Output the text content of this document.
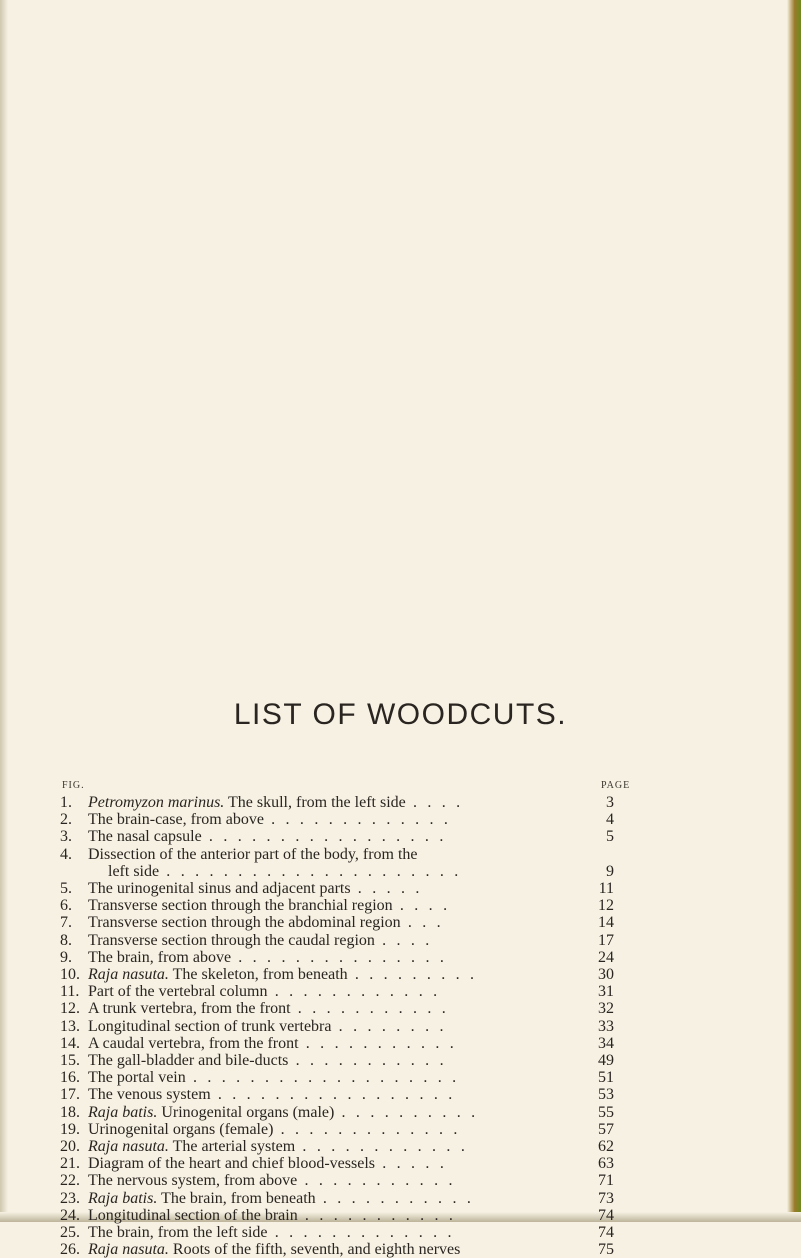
LIST OF WOODCUTS.
FIG.	PAGE
1.	Petromyzon marinus. The skull, from the left side . . . .	3
2.	The brain-case, from above . . . . . . . . . . . . .	4
3.	The nasal capsule . . . . . . . . . . . . . . . . .	5
4.	Dissection of the anterior part of the body, from the
left side . . . . . . . . . . . . . . . . . . . . .	9
5.	The urinogenital sinus and adjacent parts . . . . .	11
6.	Transverse section through the branchial region . . . .	12
7.	Transverse section through the abdominal region . . .	14
8.	Transverse section through the caudal region . . . .	17
9.	The brain, from above . . . . . . . . . . . . . . .	24
10. Raja nasuta. The skeleton, from beneath . . . . . . . . .	30
11. Part of the vertebral column . . . . . . . . . . . .	31
12. A trunk vertebra, from the front . . . . . . . . . . .	32
13. Longitudinal section of trunk vertebra . . . . . . . .	33
14. A caudal vertebra, from the front . . . . . . . . . . .	34
15. The gall-bladder and bile-ducts . . . . . . . . . . .	49
16. The portal vein . . . . . . . . . . . . . . . . . . .	51
17. The venous system . . . . . . . . . . . . . . . . .	53
18. Raja batis. Urinogenital organs (male) . . . . . . . . . .	55
19. Urinogenital organs (female) . . . . . . . . . . . . .	57
20. Raja nasuta. The arterial system . . . . . . . . . . . .	62
21. Diagram of the heart and chief blood-vessels . . . . .	63
22. The nervous system, from above . . . . . . . . . . .	71
23. Raja batis. The brain, from beneath . . . . . . . . . . .	73
24. Longitudinal section of the brain . . . . . . . . . . .	74
25. The brain, from the left side . . . . . . . . . . . . .	74
26. Raja nasuta. Roots of the fifth, seventh, and eighth nerves	75
